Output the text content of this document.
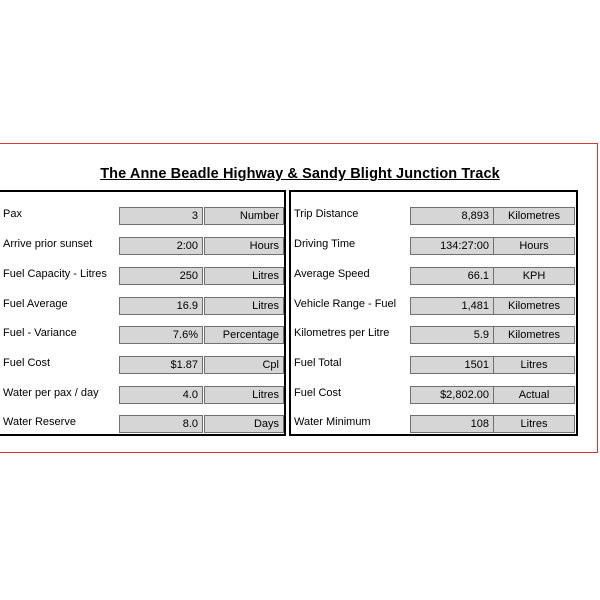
The Anne Beadle Highway & Sandy Blight Junction Track
Pax	3	Number
Arrive prior sunset	2:00	Hours
Fuel Capacity - Litres	250	Litres
Fuel Average	16.9	Litres
Fuel - Variance	7.6%	Percentage
Fuel Cost	$1.87	Cpl
Water per pax / day	4.0	Litres
Water Reserve	8.0	Days
Trip Distance	8,893	Kilometres
Driving Time	134:27:00	Hours
Average Speed	66.1	KPH
Vehicle Range - Fuel	1,481	Kilometres
Kilometres per Litre	5.9	Kilometres
Fuel Total	1501	Litres
Fuel Cost	$2,802.00	Actual
Water Minimum	108	Litres
